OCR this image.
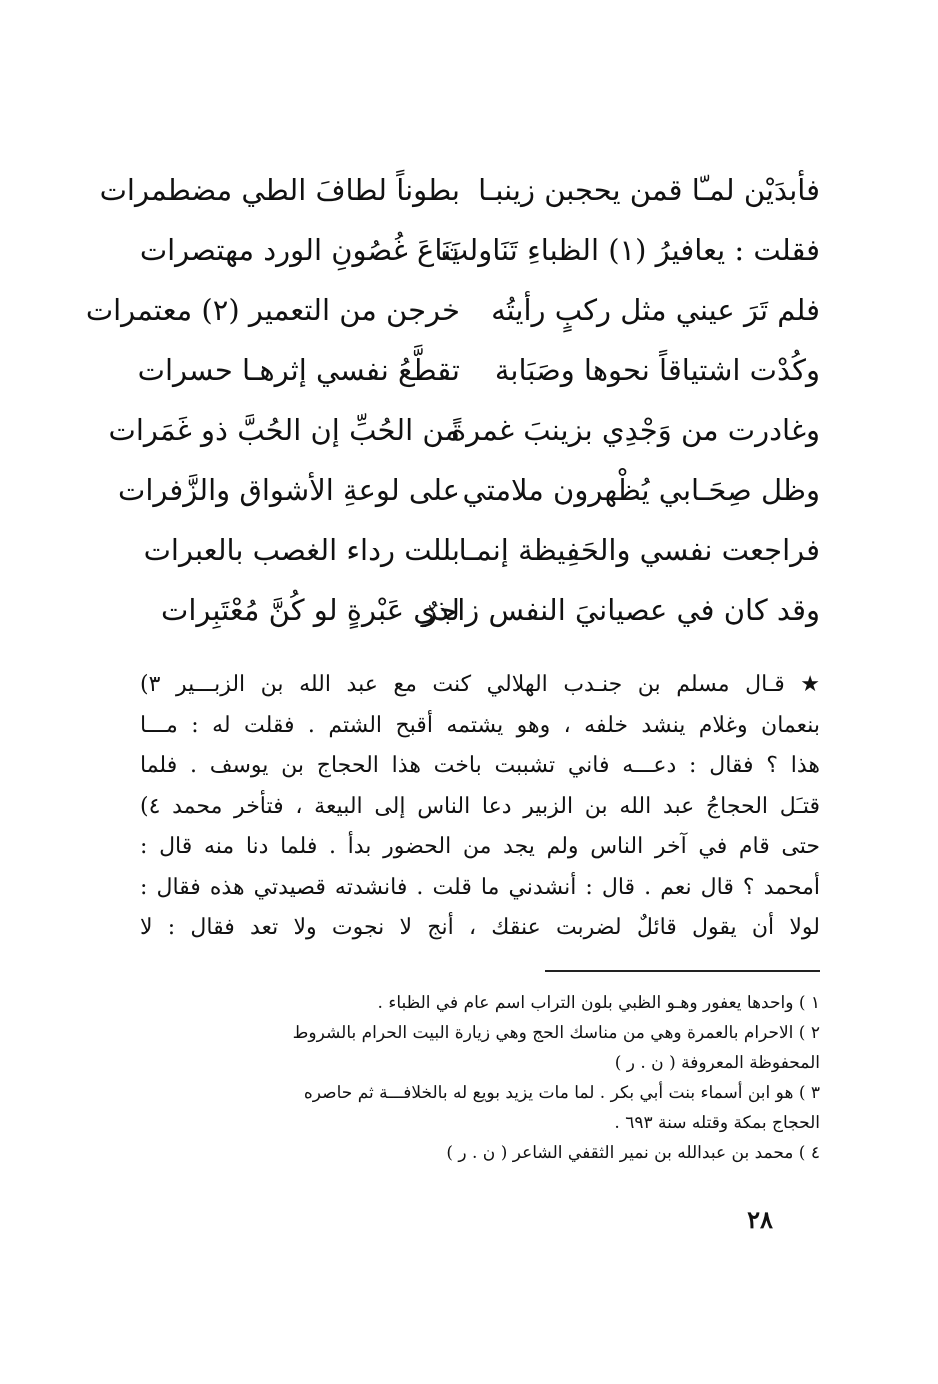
فأبدَيْن لمـّا قمن يحجبن زينبـا
بطوناً لطافَ الطي مضطمرات
فقلت : يعافيرُ (١) الظباءِ تَنَاولت
يَنَاعَ غُصُونِ الورد مهتصرات
فلم تَرَ عيني مثل ركبٍ رأيتُه
خرجن من التعمير (٢) معتمرات
وكُدْت اشتياقاً نحوها وصَبَابة
تقطَّعُ نفسي إثرهـا حسرات
وغادرت من وَجْدِي بزينبَ غمرةً
من الحُبِّ إن الحُبَّ ذو غَمَرات
وظل صِحَـابي يُظْهرون ملامتي
على لوعةِ الأشواق والزَّفرات
فراجعت نفسي والحَفِيظة إنمـا
بللت رداء الغصب بالعبرات
وقد كان في عصيانيَ النفس زاجرٌ
لذي عَبْرةٍ لو كُنَّ مُعْتَبِرات
★ قـال مسلم بن جنـدب الهلالي كنت مع عبد الله بن الزبـــير ٣)
بنعمان وغلام ينشد خلفه ، وهو يشتمه أقبح الشتم . فقلت له : مـــا
هذا ؟ فقال : دعـــه فاني تشببت باخت هذا الحجاج بن يوسف . فلما
قتـَل الحجاجُ عبد الله بن الزبير دعا الناس إلى البيعة ، فتأخر محمد ٤)
حتى قام في آخر الناس ولم يجد من الحضور بدأ . فلما دنا منه قال :
أمحمد ؟ قال نعم . قال : أنشدني ما قلت . فانشدته قصيدتي هذه فقال :
لولا أن يقول قائلٌ لضربت عنقك ، أنج لا نجوت ولا تعد فقال : لا
١ ) واحدها يعفور وهـو الظبي بلون التراب اسم عام في الظباء .
٢ ) الاحرام بالعمرة وهي من مناسك الحج وهي زيارة البيت الحرام بالشروط
المحفوظة المعروفة ( ن . ر )
٣ ) هو ابن أسماء بنت أبي بكر . لما مات يزيد بويع له بالخلافـــة ثم حاصره
الحجاج بمكة وقتله سنة ٦٩٣ .
٤ ) محمد بن عبدالله بن نمير الثقفي الشاعر ( ن . ر )
٢٨
